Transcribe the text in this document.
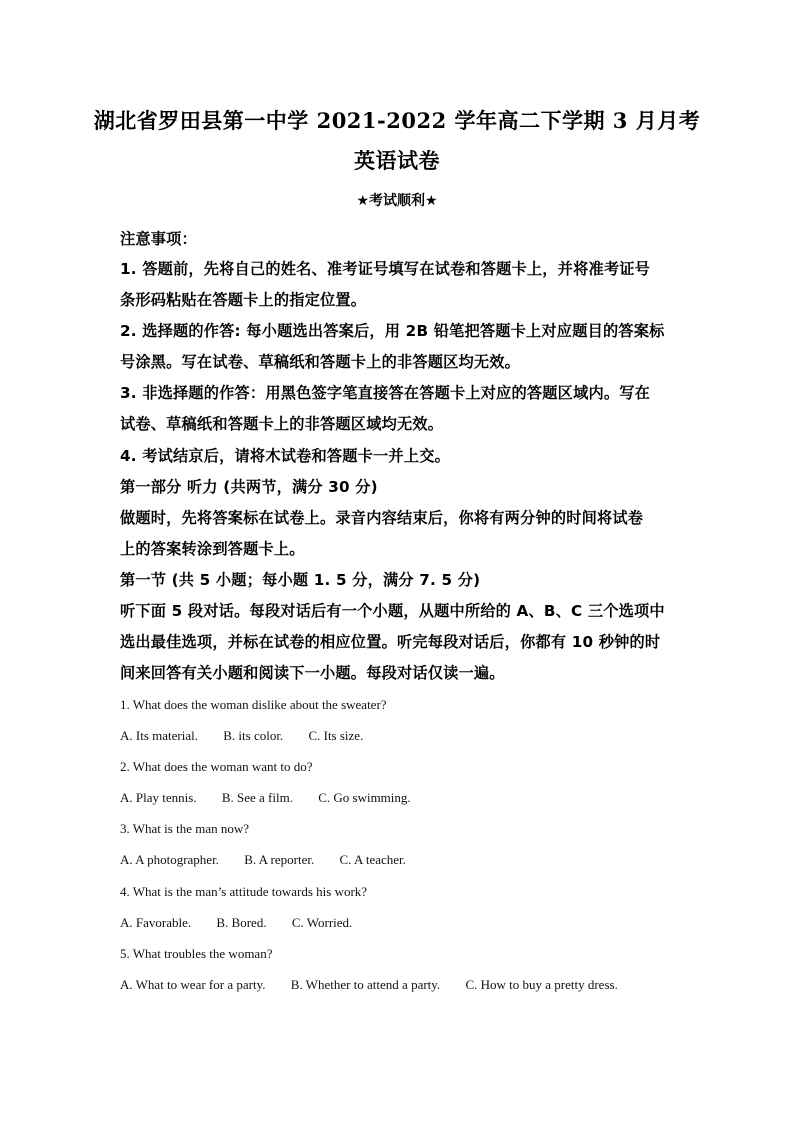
湖北省罗田县第一中学 2021-2022 学年高二下学期 3 月月考
英语试卷
★考试顺利★
注意事项：
1. 答题前，先将自己的姓名、准考证号填写在试卷和答题卡上，并将准考证号
条形码粘贴在答题卡上的指定位置。
2. 选择题的作答: 每小题选出答案后，用 2B 铅笔把答题卡上对应题目的答案标
号涂黑。写在试卷、草稿纸和答题卡上的非答题区均无效。
3. 非选择题的作答：用黑色签字笔直接答在答题卡上对应的答题区域内。写在
试卷、草稿纸和答题卡上的非答题区域均无效。
4. 考试结京后，请将木试卷和答题卡一并上交。
第一部分 听力 (共两节，满分 30 分)
做题时，先将答案标在试卷上。录音内容结束后，你将有两分钟的时间将试卷
上的答案转涂到答题卡上。
第一节 (共 5 小题；每小题 1. 5 分，满分 7. 5 分)
听下面 5 段对话。每段对话后有一个小题，从题中所给的 A、B、C 三个选项中
选出最佳选项，并标在试卷的相应位置。听完每段对话后，你都有 10 秒钟的时
间来回答有关小题和阅读下一小题。每段对话仅读一遍。
1. What does the woman dislike about the sweater?
A. Its material. B. its color. C. Its size.
2. What does the woman want to do?
A. Play tennis. B. See a film. C. Go swimming.
3. What is the man now?
A. A photographer. B. A reporter. C. A teacher.
4. What is the man’s attitude towards his work?
A. Favorable. B. Bored. C. Worried.
5. What troubles the woman?
A. What to wear for a party. B. Whether to attend a party. C. How to buy a pretty dress.
